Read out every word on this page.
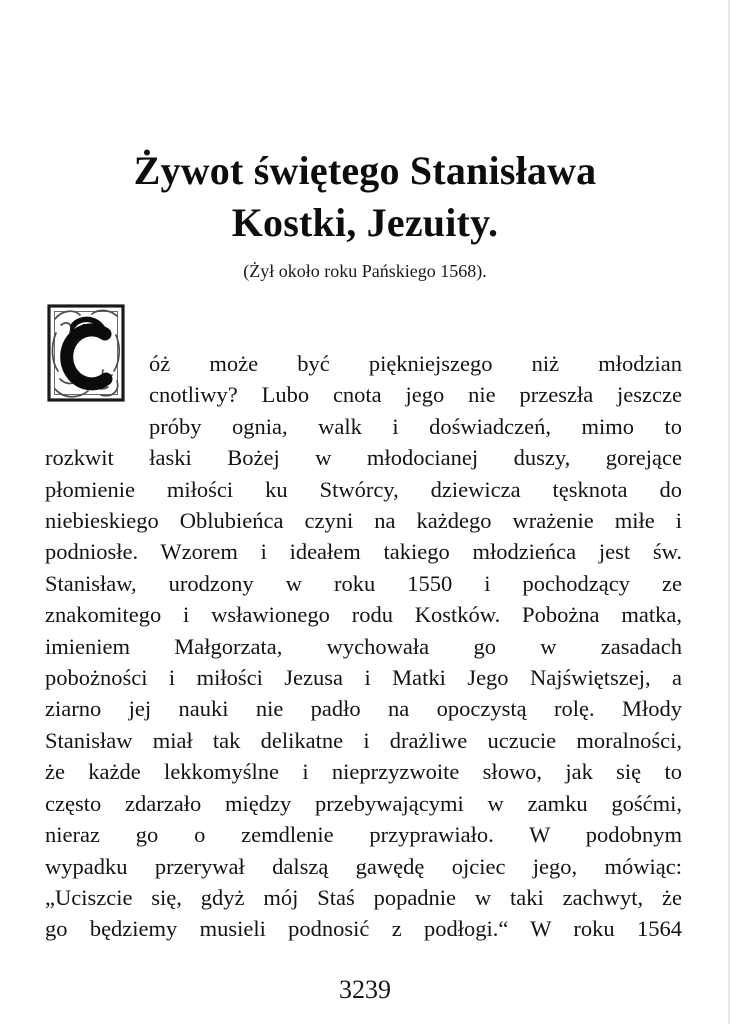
Żywot świętego Stanisława
Kostki, Jezuity.
(Żył około roku Pańskiego 1568).
óż może być piękniejszego niż młodzian
cnotliwy? Lubo cnota jego nie przeszła jeszcze
próby ognia, walk i doświadczeń, mimo to
rozkwit łaski Bożej w młodocianej duszy, gorejące
płomienie miłości ku Stwórcy, dziewicza tęsknota do
niebieskiego Oblubieńca czyni na każdego wrażenie miłe i
podniosłe. Wzorem i ideałem takiego młodzieńca jest św.
Stanisław, urodzony w roku 1550 i pochodzący ze
znakomitego i wsławionego rodu Kostków. Pobożna matka,
imieniem Małgorzata, wychowała go w zasadach
pobożności i miłości Jezusa i Matki Jego Najświętszej, a
ziarno jej nauki nie padło na opoczystą rolę. Młody
Stanisław miał tak delikatne i drażliwe uczucie moralności,
że każde lekkomyślne i nieprzyzwoite słowo, jak się to
często zdarzało między przebywającymi w zamku gośćmi,
nieraz go o zemdlenie przyprawiało. W podobnym
wypadku przerywał dalszą gawędę ojciec jego, mówiąc:
„Uciszcie się, gdyż mój Staś popadnie w taki zachwyt, że
go będziemy musieli podnosić z podłogi.“ W roku 1564
3239
